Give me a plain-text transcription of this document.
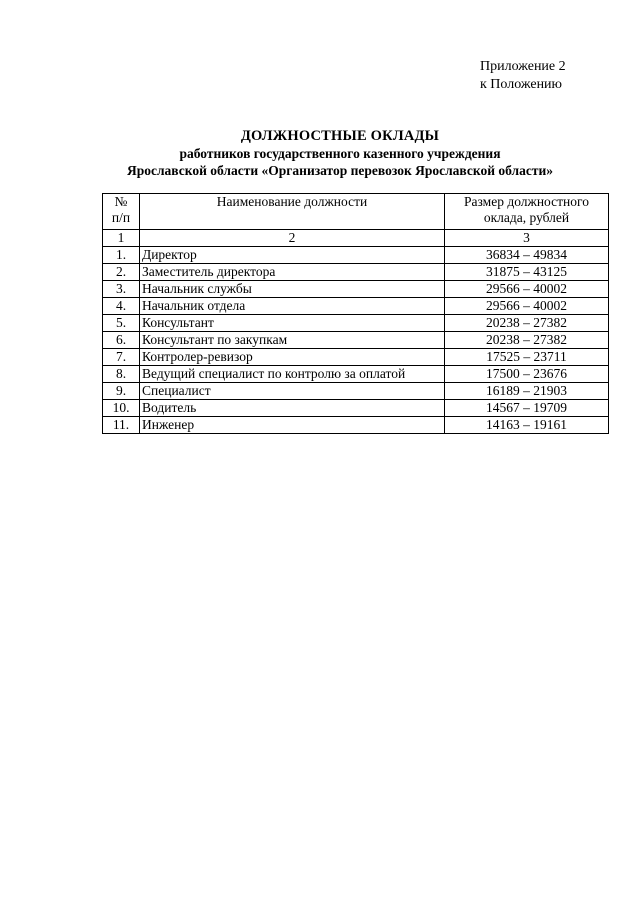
Приложение 2
к Положению
ДОЛЖНОСТНЫЕ ОКЛАДЫ
работников государственного казенного учреждения
Ярославской области «Организатор перевозок Ярославской области»
№
п/п	Наименование должности	Размер должностного
оклада, рублей

1	2	3
1.	Директор	36834 – 49834
2.	Заместитель директора	31875 – 43125
3.	Начальник службы	29566 – 40002
4.	Начальник отдела	29566 – 40002
5.	Консультант	20238 – 27382
6.	Консультант по закупкам	20238 – 27382
7.	Контролер-ревизор	17525 – 23711
8.	Ведущий специалист по контролю за оплатой	17500 – 23676
9.	Специалист	16189 – 21903
10.	Водитель	14567 – 19709
11.	Инженер	14163 – 19161
